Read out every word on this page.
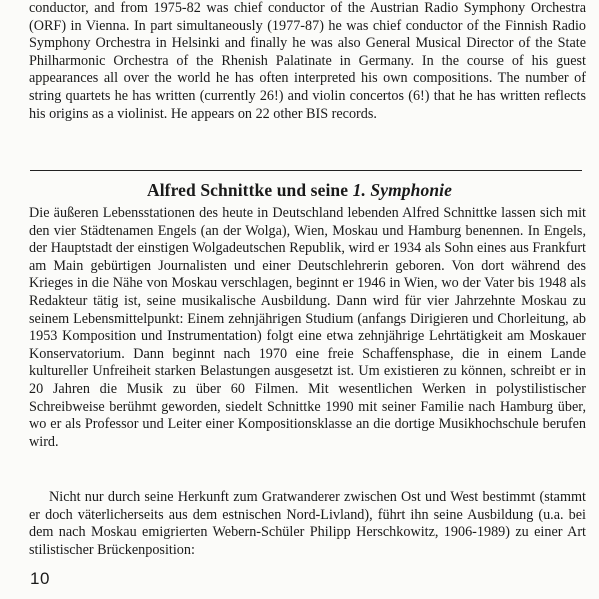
conductor, and from 1975-82 was chief conductor of the Austrian Radio Symphony Orchestra (ORF) in Vienna. In part simultaneously (1977-87) he was chief conductor of the Finnish Radio Symphony Orchestra in Helsinki and finally he was also General Musical Director of the State Philharmonic Orchestra of the Rhenish Palatinate in Germany. In the course of his guest appearances all over the world he has often interpreted his own compositions. The number of string quartets he has written (currently 26!) and violin concertos (6!) that he has written reflects his origins as a violinist. He appears on 22 other BIS records.

Alfred Schnittke und seine 1. Symphonie

Die äußeren Lebensstationen des heute in Deutschland lebenden Alfred Schnittke lassen sich mit den vier Städtenamen Engels (an der Wolga), Wien, Moskau und Hamburg benennen. In Engels, der Hauptstadt der einstigen Wolgadeutschen Republik, wird er 1934 als Sohn eines aus Frankfurt am Main gebürtigen Journalisten und einer Deutschlehrerin geboren. Von dort während des Krieges in die Nähe von Moskau verschlagen, beginnt er 1946 in Wien, wo der Vater bis 1948 als Redakteur tätig ist, seine musikalische Ausbildung. Dann wird für vier Jahrzehnte Moskau zu seinem Lebensmittelpunkt: Einem zehnjährigen Studium (anfangs Dirigieren und Chorleitung, ab 1953 Komposition und Instrumentation) folgt eine etwa zehnjährige Lehrtätigkeit am Moskauer Konservatorium. Dann beginnt nach 1970 eine freie Schaffensphase, die in einem Lande kultureller Unfreiheit starken Belastungen ausgesetzt ist. Um existieren zu können, schreibt er in 20 Jahren die Musik zu über 60 Filmen. Mit wesentlichen Werken in polystilistischer Schreibweise berühmt geworden, siedelt Schnittke 1990 mit seiner Familie nach Hamburg über, wo er als Professor und Leiter einer Kompositionsklasse an die dortige Musikhochschule berufen wird.

Nicht nur durch seine Herkunft zum Gratwanderer zwischen Ost und West bestimmt (stammt er doch väterlicherseits aus dem estnischen Nord-Livland), führt ihn seine Ausbildung (u.a. bei dem nach Moskau emigrierten Webern-Schüler Philipp Herschkowitz, 1906-1989) zu einer Art stilistischer Brückenposition:

10
